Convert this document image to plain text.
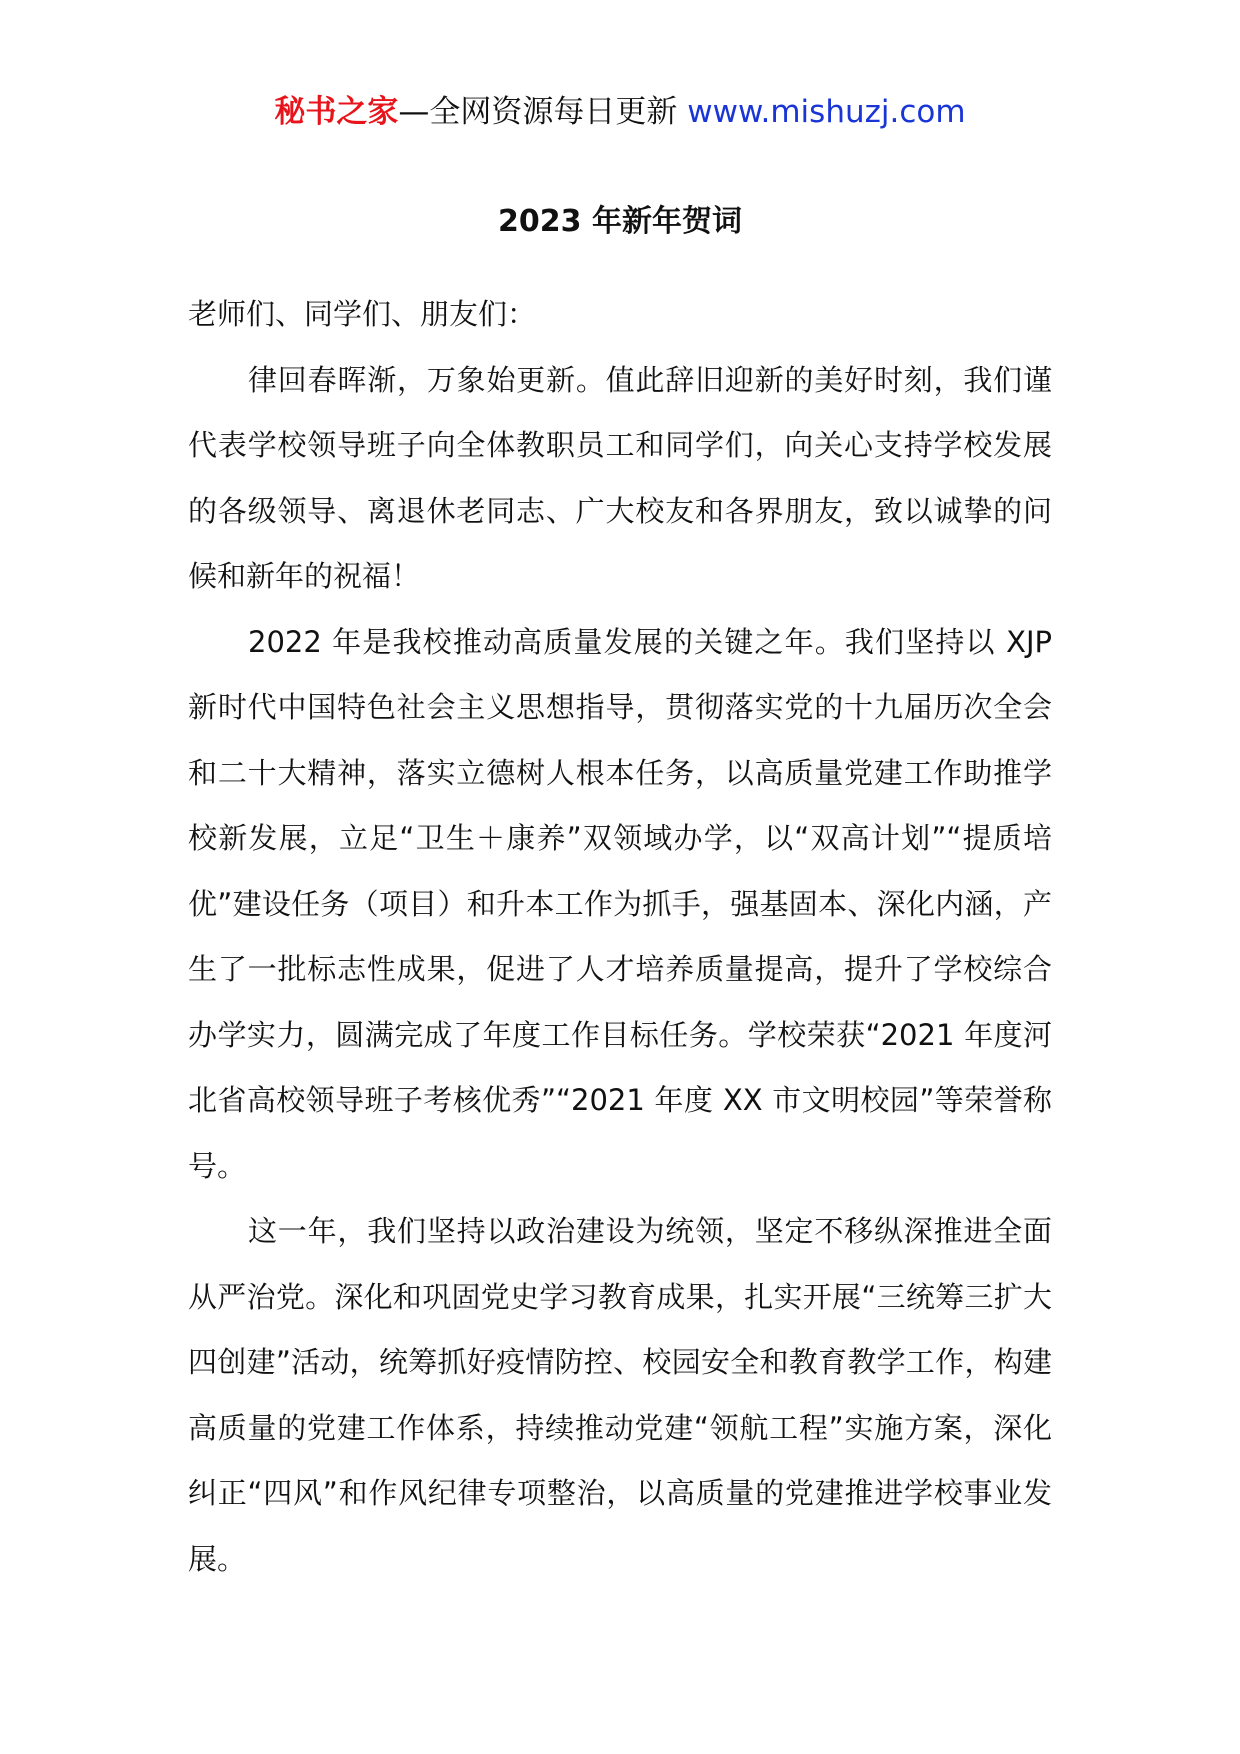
秘书之家—全网资源每日更新 www.mishuzj.com
2023 年新年贺词

老师们、同学们、朋友们：

律回春晖渐，万象始更新。值此辞旧迎新的美好时刻，我们谨代表学校领导班子向全体教职员工和同学们，向关心支持学校发展的各级领导、离退休老同志、广大校友和各界朋友，致以诚挚的问候和新年的祝福！

2022 年是我校推动高质量发展的关键之年。我们坚持以 XJP 新时代中国特色社会主义思想指导，贯彻落实党的十九届历次全会和二十大精神，落实立德树人根本任务，以高质量党建工作助推学校新发展，立足“卫生＋康养”双领域办学，以“双高计划”“提质培优”建设任务（项目）和升本工作为抓手，强基固本、深化内涵，产生了一批标志性成果，促进了人才培养质量提高，提升了学校综合办学实力，圆满完成了年度工作目标任务。学校荣获“2021 年度河北省高校领导班子考核优秀”“2021 年度 XX 市文明校园”等荣誉称号。

这一年，我们坚持以政治建设为统领，坚定不移纵深推进全面从严治党。深化和巩固党史学习教育成果，扎实开展“三统筹三扩大四创建”活动，统筹抓好疫情防控、校园安全和教育教学工作，构建高质量的党建工作体系，持续推动党建“领航工程”实施方案，深化纠正“四风”和作风纪律专项整治，以高质量的党建推进学校事业发展。
